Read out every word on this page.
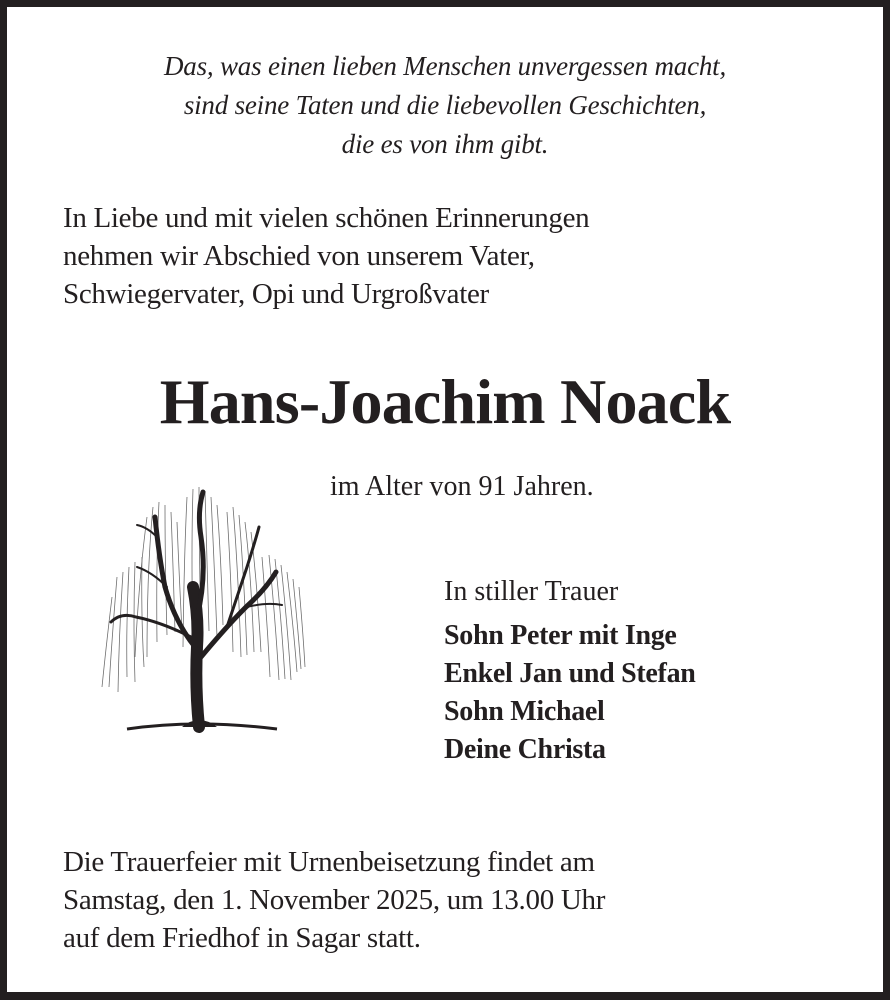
Das, was einen lieben Menschen unvergessen macht,
sind seine Taten und die liebevollen Geschichten,
die es von ihm gibt.
In Liebe und mit vielen schönen Erinnerungen
nehmen wir Abschied von unserem Vater,
Schwiegervater, Opi und Urgroßvater
Hans-Joachim Noack
im Alter von 91 Jahren.
In stiller Trauer
Sohn Peter mit Inge
Enkel Jan und Stefan
Sohn Michael
Deine Christa
Die Trauerfeier mit Urnenbeisetzung findet am
Samstag, den 1. November 2025, um 13.00 Uhr
auf dem Friedhof in Sagar statt.
